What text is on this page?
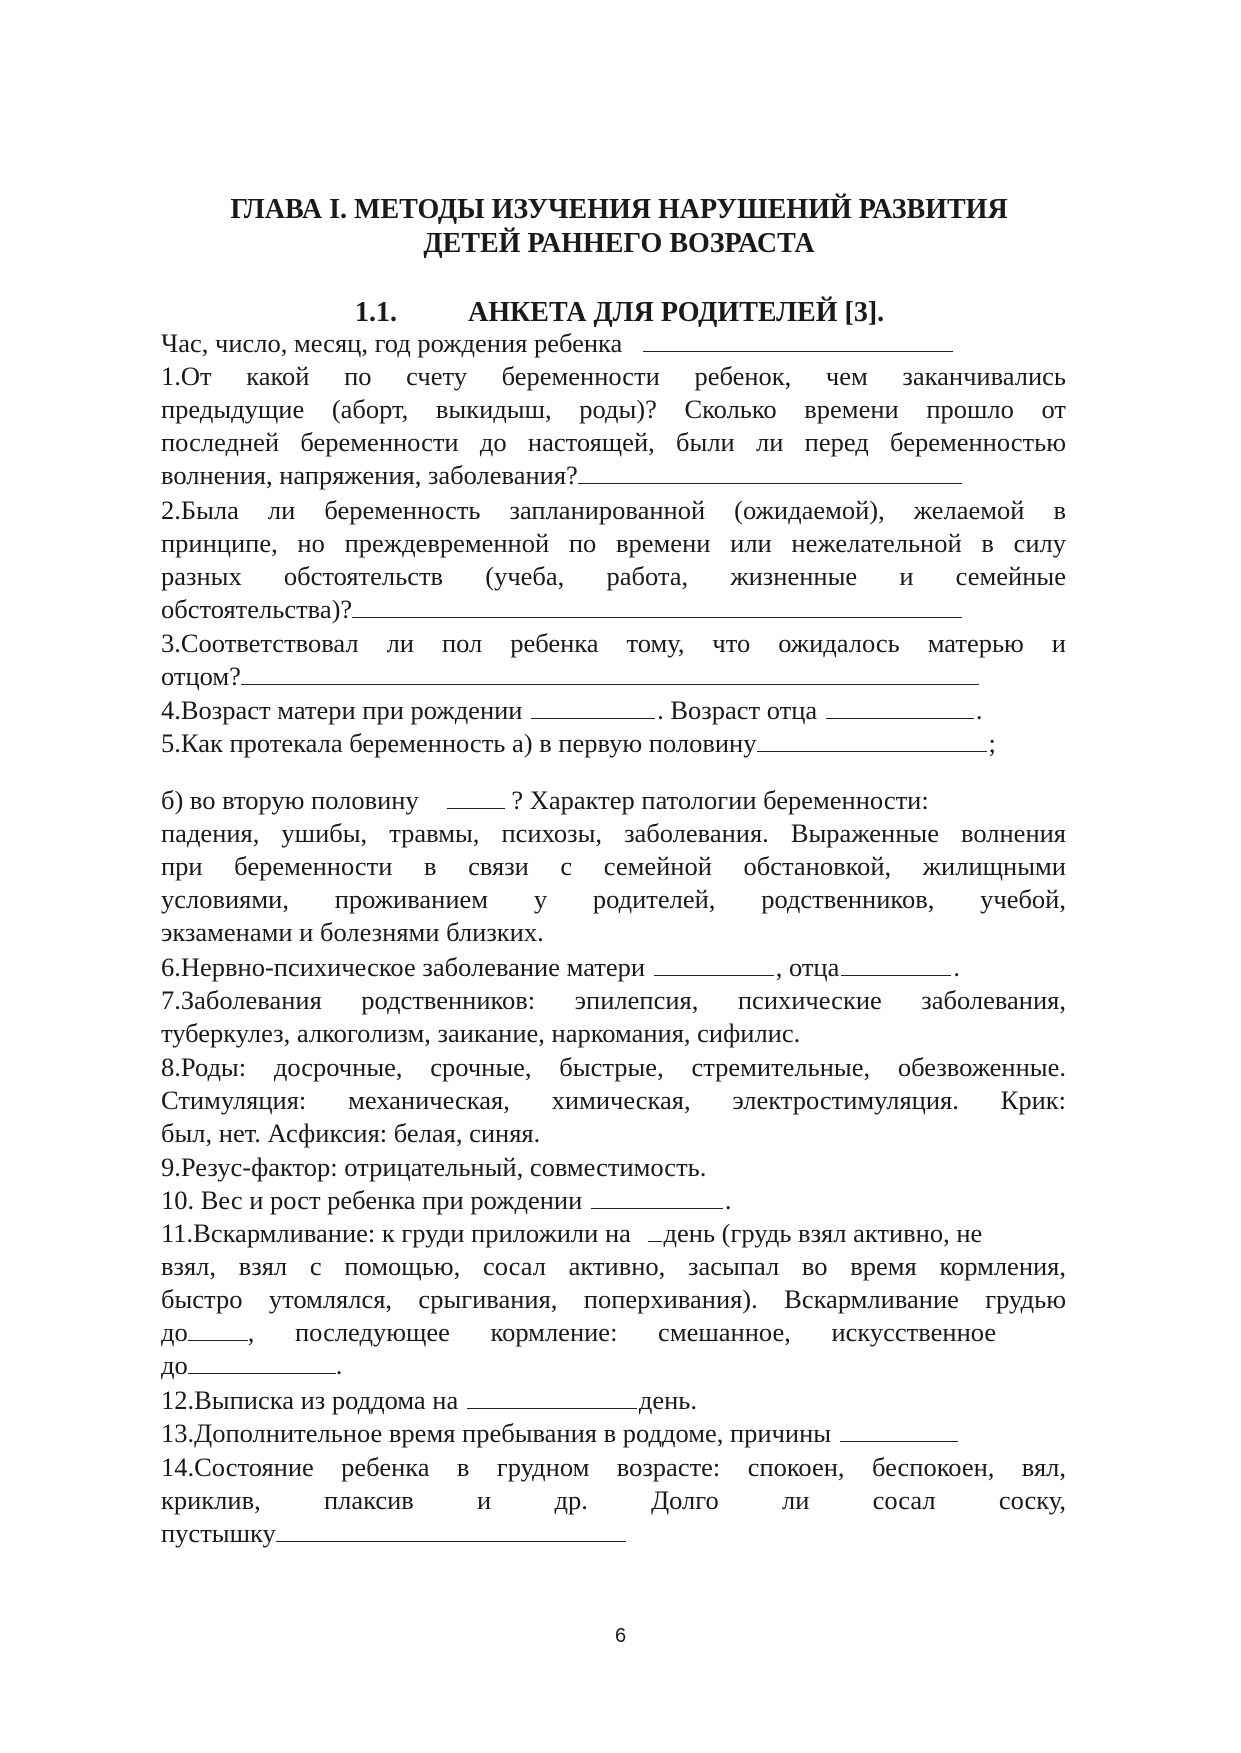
ГЛАВА I. МЕТОДЫ ИЗУЧЕНИЯ НАРУШЕНИЙ РАЗВИТИЯ
ДЕТЕЙ РАННЕГО ВОЗРАСТА
1.1.	АНКЕТА ДЛЯ РОДИТЕЛЕЙ [3].
Час, число, месяц, год рождения ребенка
1.От какой по счету беременности ребенок, чем заканчивались
предыдущие (аборт, выкидыш, роды)? Сколько времени прошло от
последней беременности до настоящей, были ли перед беременностью
волнения, напряжения, заболевания?
2.Была ли беременность запланированной (ожидаемой), желаемой в
принципе, но преждевременной по времени или нежелательной в силу
разных обстоятельств (учеба, работа, жизненные и семейные
обстоятельства)?
3.Соответствовал ли пол ребенка тому, что ожидалось матерью и
отцом?
4.Возраст матери при рождении	. Возраст отца	.
5.Как протекала беременность а) в первую половину	;
б) во вторую половину	? Характер патологии беременности:
падения, ушибы, травмы, психозы, заболевания. Выраженные волнения
при беременности в связи с семейной обстановкой, жилищными
условиями, проживанием у родителей, родственников, учебой,
экзаменами и болезнями близких.
6.Нервно-психическое заболевание матери	, отца	.
7.Заболевания родственников: эпилепсия, психические заболевания,
туберкулез, алкоголизм, заикание, наркомания, сифилис.
8.Роды: досрочные, срочные, быстрые, стремительные, обезвоженные.
Стимуляция: механическая, химическая, электростимуляция. Крик:
был, нет. Асфиксия: белая, синяя.
9.Резус-фактор: отрицательный, совместимость.
10. Вес и рост ребенка при рождении	.
11.Вскармливание: к груди приложили на день (грудь взял активно, не
взял, взял с помощью, сосал активно, засыпал во время кормления,
быстро утомлялся, срыгивания, поперхивания). Вскармливание грудью
до , последующее кормление: смешанное, искусственное
до	.
12.Выписка из роддома на	день.
13.Дополнительное время пребывания в роддоме, причины
14.Состояние ребенка в грудном возрасте: спокоен, беспокоен, вял,
криклив, плаксив и др. Долго ли сосал соску,
пустышку
6
